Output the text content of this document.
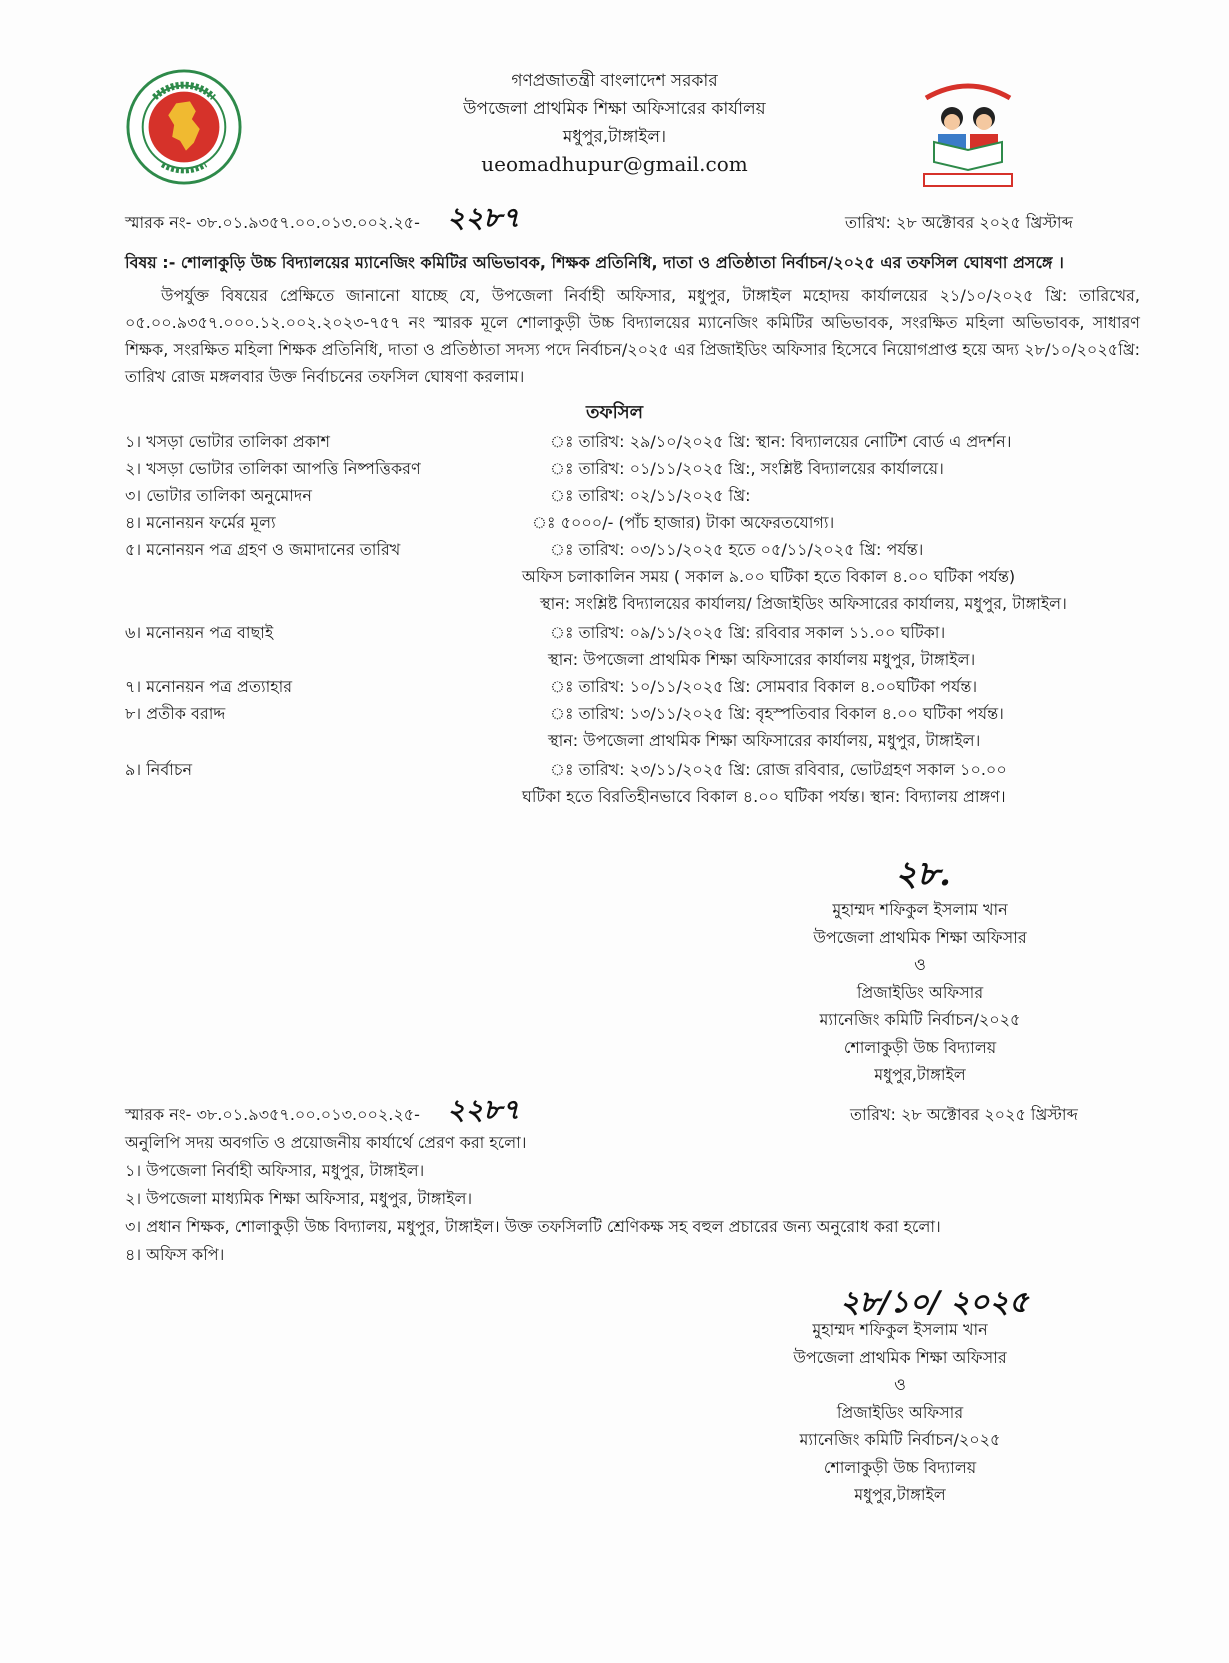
গণপ্রজাতন্ত্রী বাংলাদেশ সরকার
উপজেলা প্রাথমিক শিক্ষা অফিসারের কার্যালয়
মধুপুর,টাঙ্গাইল।
ueomadhupur@gmail.com
স্মারক নং- ৩৮.০১.৯৩৫৭.০০.০১৩.০০২.২৫- ২২৮৭	তারিখ: ২৮ অক্টোবর ২০২৫ খ্রিস্টাব্দ
বিষয় :- শোলাকুড়ি উচ্চ বিদ্যালয়ের ম্যানেজিং কমিটির অভিভাবক, শিক্ষক প্রতিনিধি, দাতা ও প্রতিষ্ঠাতা নির্বাচন/২০২৫ এর তফসিল ঘোষণা প্রসঙ্গে ।

উপর্যুক্ত বিষয়ের প্রেক্ষিতে জানানো যাচ্ছে যে, উপজেলা নির্বাহী অফিসার, মধুপুর, টাঙ্গাইল মহোদয় কার্যালয়ের ২১/১০/২০২৫ খ্রি: তারিখের, ০৫.০০.৯৩৫৭.০০০.১২.০০২.২০২৩-৭৫৭ নং স্মারক মূলে শোলাকুড়ী উচ্চ বিদ্যালয়ের ম্যানেজিং কমিটির অভিভাবক, সংরক্ষিত মহিলা অভিভাবক, সাধারণ শিক্ষক, সংরক্ষিত মহিলা শিক্ষক প্রতিনিধি, দাতা ও প্রতিষ্ঠাতা সদস্য পদে নির্বাচন/২০২৫ এর প্রিজাইডিং অফিসার হিসেবে নিয়োগপ্রাপ্ত হয়ে অদ্য ২৮/১০/২০২৫খ্রি: তারিখ রোজ মঙ্গলবার উক্ত নির্বাচনের তফসিল ঘোষণা করলাম।

তফসিল
১। খসড়া ভোটার তালিকা প্রকাশ	ঃ তারিখ: ২৯/১০/২০২৫ খ্রি: স্থান: বিদ্যালয়ের নোটিশ বোর্ড এ প্রদর্শন।
২। খসড়া ভোটার তালিকা আপত্তি নিষ্পত্তিকরণ	ঃ তারিখ: ০১/১১/২০২৫ খ্রি:, সংশ্লিষ্ট বিদ্যালয়ের কার্যালয়ে।
৩। ভোটার তালিকা অনুমোদন	ঃ তারিখ: ০২/১১/২০২৫ খ্রি:
৪। মনোনয়ন ফর্মের মূল্য	ঃ ৫০০০/- (পাঁচ হাজার) টাকা অফেরতযোগ্য।
৫। মনোনয়ন পত্র গ্রহণ ও জমাদানের তারিখ	ঃ তারিখ: ০৩/১১/২০২৫ হতে ০৫/১১/২০২৫ খ্রি: পর্যন্ত।
অফিস চলাকালিন সময় ( সকাল ৯.০০ ঘটিকা হতে বিকাল ৪.০০ ঘটিকা পর্যন্ত)
স্থান: সংশ্লিষ্ট বিদ্যালয়ের কার্যালয়/ প্রিজাইডিং অফিসারের কার্যালয়, মধুপুর, টাঙ্গাইল।
৬। মনোনয়ন পত্র বাছাই	ঃ তারিখ: ০৯/১১/২০২৫ খ্রি: রবিবার সকাল ১১.০০ ঘটিকা।
স্থান: উপজেলা প্রাথমিক শিক্ষা অফিসারের কার্যালয় মধুপুর, টাঙ্গাইল।
৭। মনোনয়ন পত্র প্রত্যাহার	ঃ তারিখ: ১০/১১/২০২৫ খ্রি: সোমবার বিকাল ৪.০০ঘটিকা পর্যন্ত।
৮। প্রতীক বরাদ্দ	ঃ তারিখ: ১৩/১১/২০২৫ খ্রি: বৃহস্পতিবার বিকাল ৪.০০ ঘটিকা পর্যন্ত।
স্থান: উপজেলা প্রাথমিক শিক্ষা অফিসারের কার্যালয়, মধুপুর, টাঙ্গাইল।
৯। নির্বাচন	ঃ তারিখ: ২৩/১১/২০২৫ খ্রি: রোজ রবিবার, ভোটগ্রহণ সকাল ১০.০০
ঘটিকা হতে বিরতিহীনভাবে বিকাল ৪.০০ ঘটিকা পর্যন্ত। স্থান: বিদ্যালয় প্রাঙ্গণ।
২৮.
মুহাম্মদ শফিকুল ইসলাম খান
উপজেলা প্রাথমিক শিক্ষা অফিসার
ও
প্রিজাইডিং অফিসার
ম্যানেজিং কমিটি নির্বাচন/২০২৫
শোলাকুড়ী উচ্চ বিদ্যালয়
মধুপুর,টাঙ্গাইল
স্মারক নং- ৩৮.০১.৯৩৫৭.০০.০১৩.০০২.২৫- ২২৮৭	তারিখ: ২৮ অক্টোবর ২০২৫ খ্রিস্টাব্দ
অনুলিপি সদয় অবগতি ও প্রয়োজনীয় কার্যার্থে প্রেরণ করা হলো।
১। উপজেলা নির্বাহী অফিসার, মধুপুর, টাঙ্গাইল।
২। উপজেলা মাধ্যমিক শিক্ষা অফিসার, মধুপুর, টাঙ্গাইল।
৩। প্রধান শিক্ষক, শোলাকুড়ী উচ্চ বিদ্যালয়, মধুপুর, টাঙ্গাইল। উক্ত তফসিলটি শ্রেণিকক্ষ সহ বহুল প্রচারের জন্য অনুরোধ করা হলো।
৪। অফিস কপি।
২৮/১০/ ২০২৫
মুহাম্মদ শফিকুল ইসলাম খান
উপজেলা প্রাথমিক শিক্ষা অফিসার
ও
প্রিজাইডিং অফিসার
ম্যানেজিং কমিটি নির্বাচন/২০২৫
শোলাকুড়ী উচ্চ বিদ্যালয়
মধুপুর,টাঙ্গাইল
